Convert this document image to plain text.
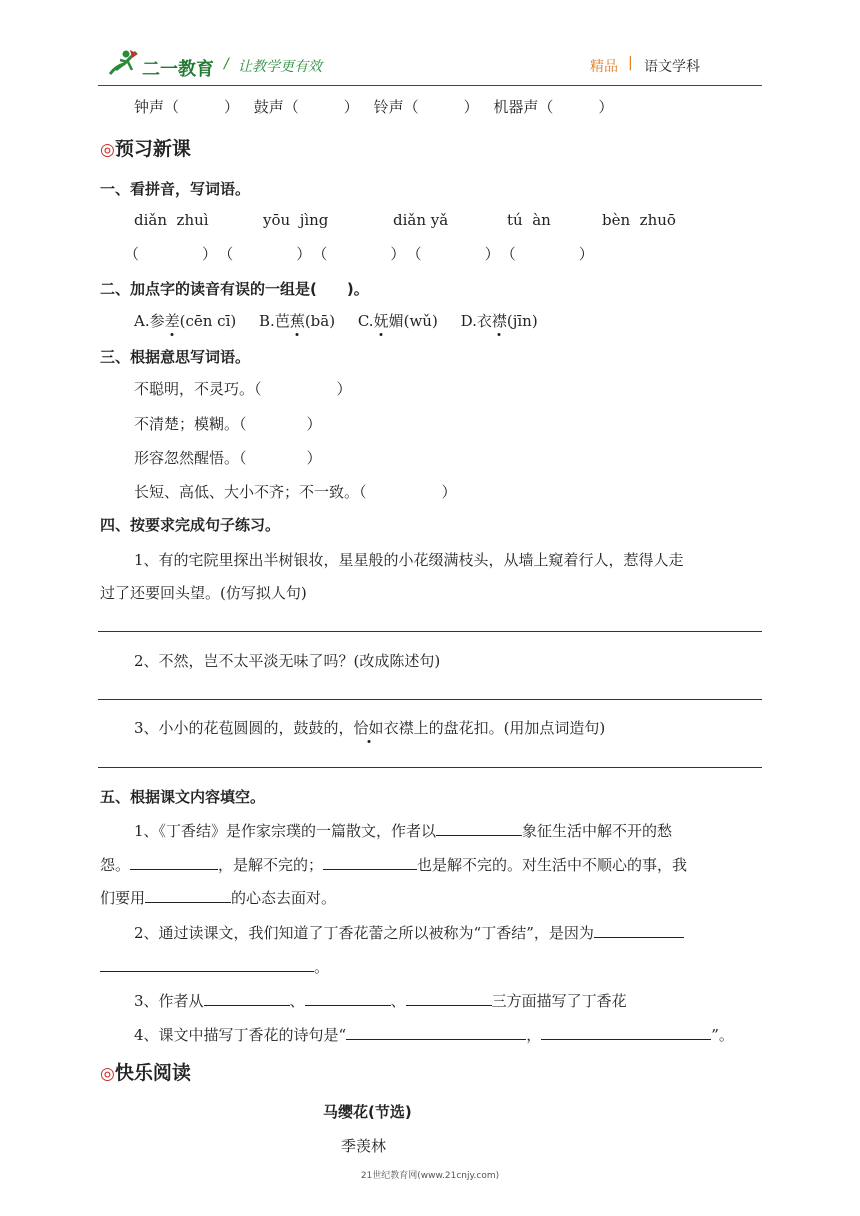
二一教育 / 让教学更有效	精品 | 语文学科
钟声（　　　） 鼓声（　　　） 铃声（　　　） 机器声（　　　）
◎预习新课
一、看拼音，写词语。
diǎn  zhuì	yōu  jìng	diǎn yǎ	tú  àn	bèn  zhuō
（　　　　）　（　　　　）　（　　　　）　（　　　　）　（　　　　）
二、加点字的读音有误的一组是(　　)。
A.参差(cēn cī) B.芭蕉(bā) C.妩媚(wǔ) D.衣襟(jīn)
三、根据意思写词语。
不聪明，不灵巧。（　　　　　）
不清楚；模糊。（　　　　）
形容忽然醒悟。（　　　　）
长短、高低、大小不齐；不一致。（　　　　　）
四、按要求完成句子练习。
1、有的宅院里探出半树银妆，星星般的小花缀满枝头，从墙上窥着行人，惹得人走
过了还要回头望。(仿写拟人句)
2、不然，岂不太平淡无味了吗？(改成陈述句)
3、小小的花苞圆圆的，鼓鼓的，恰如衣襟上的盘花扣。(用加点词造句)
五、根据课文内容填空。
1、《丁香结》是作家宗璞的一篇散文，作者以	象征生活中解不开的愁
怨。	，是解不完的；	也是解不完的。对生活中不顺心的事，我
们要用	的心态去面对。
2、通过读课文，我们知道了丁香花蕾之所以被称为“丁香结”，是因为
。
3、作者从	、	、	三方面描写了丁香花
4、课文中描写丁香花的诗句是“	，	”。
◎快乐阅读
马缨花(节选)
季羡林
21世纪教育网(www.21cnjy.com)
